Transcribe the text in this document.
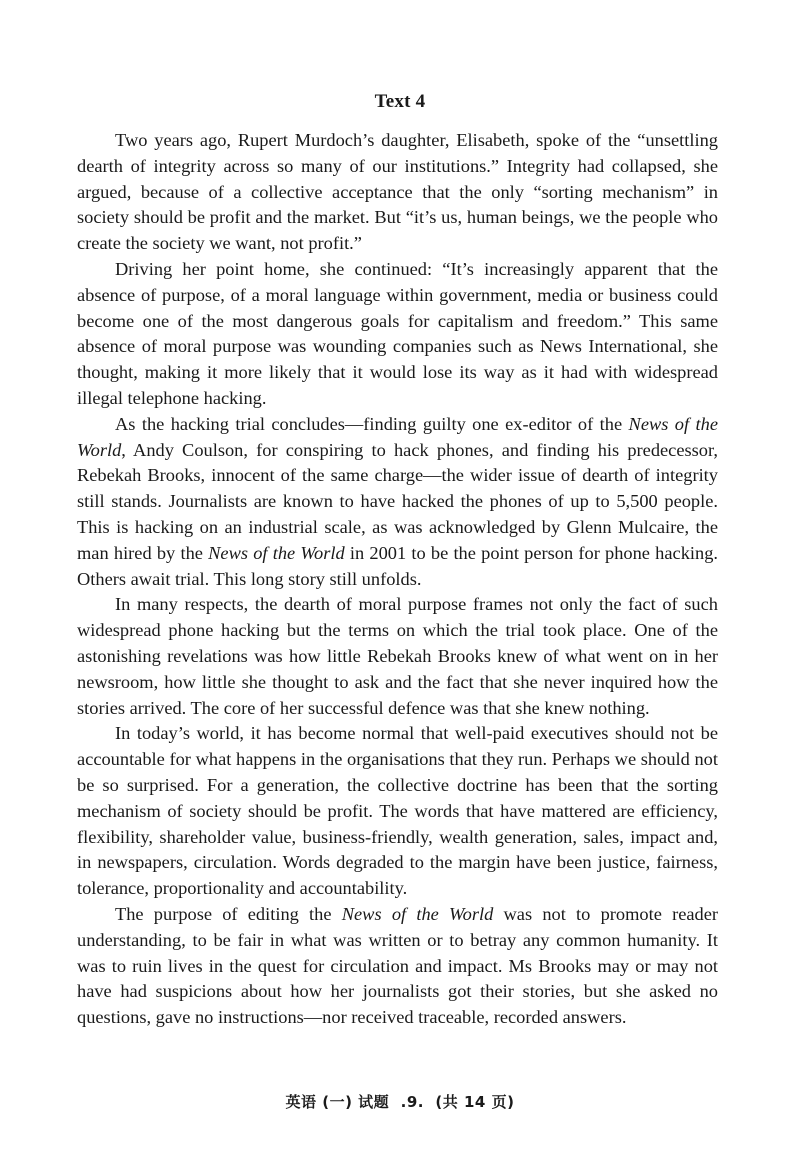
Text 4

Two years ago, Rupert Murdoch’s daughter, Elisabeth, spoke of the “unsettling dearth of integrity across so many of our institutions.” Integrity had collapsed, she argued, because of a collective acceptance that the only “sorting mechanism” in society should be profit and the market. But “it’s us, human beings, we the people who create the society we want, not profit.”

Driving her point home, she continued: “It’s increasingly apparent that the absence of purpose, of a moral language within government, media or business could become one of the most dangerous goals for capitalism and freedom.” This same absence of moral purpose was wounding companies such as News International, she thought, making it more likely that it would lose its way as it had with widespread illegal telephone hacking.

As the hacking trial concludes—finding guilty one ex-editor of the News of the World, Andy Coulson, for conspiring to hack phones, and finding his predecessor, Rebekah Brooks, innocent of the same charge—the wider issue of dearth of integrity still stands. Journalists are known to have hacked the phones of up to 5,500 people. This is hacking on an industrial scale, as was acknowledged by Glenn Mulcaire, the man hired by the News of the World in 2001 to be the point person for phone hacking. Others await trial. This long story still unfolds.

In many respects, the dearth of moral purpose frames not only the fact of such widespread phone hacking but the terms on which the trial took place. One of the astonishing revelations was how little Rebekah Brooks knew of what went on in her newsroom, how little she thought to ask and the fact that she never inquired how the stories arrived. The core of her successful defence was that she knew nothing.

In today’s world, it has become normal that well-paid executives should not be accountable for what happens in the organisations that they run. Perhaps we should not be so surprised. For a generation, the collective doctrine has been that the sorting mechanism of society should be profit. The words that have mattered are efficiency, flexibility, shareholder value, business-friendly, wealth generation, sales, impact and, in newspapers, circulation. Words degraded to the margin have been justice, fairness, tolerance, proportionality and accountability.

The purpose of editing the News of the World was not to promote reader understanding, to be fair in what was written or to betray any common humanity. It was to ruin lives in the quest for circulation and impact. Ms Brooks may or may not have had suspicions about how her journalists got their stories, but she asked no questions, gave no instructions—nor received traceable, recorded answers.

英语 (一) 试题  .9.  (共 14 页)
